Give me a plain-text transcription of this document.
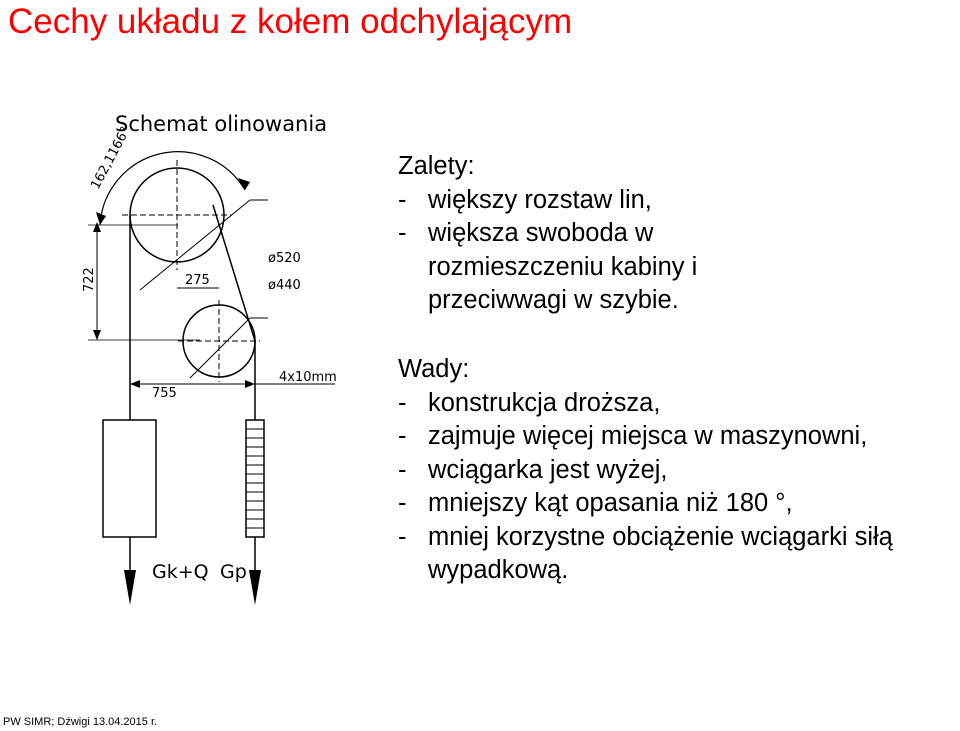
Cechy układu z kołem odchylającym
Schemat olinowania
162,1166°
722	275
ø520
ø440
755
4x10mm
Gk+Q Gp
Zalety:
- większy rozstaw lin,
- większa swoboda w rozmieszczeniu kabiny i przeciwwagi w szybie.
Wady:
- konstrukcja droższa,
- zajmuje więcej miejsca w maszynowni,
- wciągarka jest wyżej,
- mniejszy kąt opasania niż 180 °,
- mniej korzystne obciążenie wciągarki siłą wypadkową.
PW SIMR; Dźwigi 13.04.2015 r.
